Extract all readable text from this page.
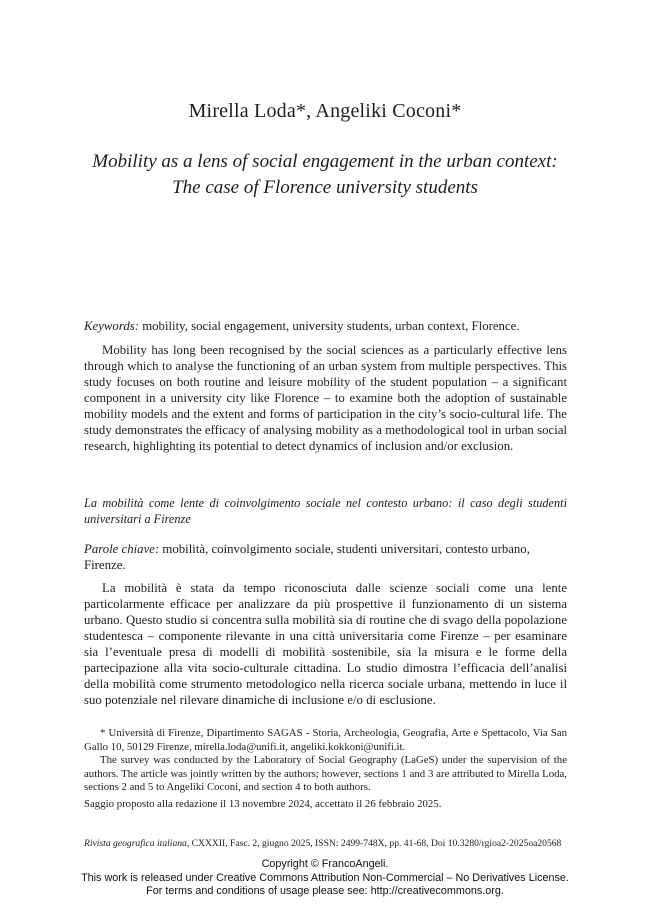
Mirella Loda*, Angeliki Coconi*
Mobility as a lens of social engagement in the urban context:
The case of Florence university students
Keywords: mobility, social engagement, university students, urban context, Florence.

Mobility has long been recognised by the social sciences as a particularly effective lens through which to analyse the functioning of an urban system from multiple perspectives. This study focuses on both routine and leisure mobility of the student population – a significant component in a university city like Florence – to examine both the adoption of sustainable mobility models and the extent and forms of participation in the city’s socio-cultural life. The study demonstrates the efficacy of analysing mobility as a methodological tool in urban social research, highlighting its potential to detect dynamics of inclusion and/or exclusion.

La mobilità come lente di coinvolgimento sociale nel contesto urbano: il caso degli studenti universitari a Firenze
Parole chiave: mobilità, coinvolgimento sociale, studenti universitari, contesto urbano, Firenze.

La mobilità è stata da tempo riconosciuta dalle scienze sociali come una lente particolarmente efficace per analizzare da più prospettive il funzionamento di un sistema urbano. Questo studio si concentra sulla mobilità sia di routine che di svago della popolazione studentesca – componente rilevante in una città universitaria come Firenze – per esaminare sia l’eventuale presa di modelli di mobilità sostenibile, sia la misura e le forme della partecipazione alla vita socio-culturale cittadina. Lo studio dimostra l’efficacia dell’analisi della mobilità come strumento metodologico nella ricerca sociale urbana, mettendo in luce il suo potenziale nel rilevare dinamiche di inclusione e/o di esclusione.

* Università di Firenze, Dipartimento SAGAS - Storia, Archeologia, Geografia, Arte e Spettacolo, Via San Gallo 10, 50129 Firenze, mirella.loda@unifi.it, angeliki.kokkoni@unifi.it.

The survey was conducted by the Laboratory of Social Geography (LaGeS) under the supervision of the authors. The article was jointly written by the authors; however, sections 1 and 3 are attributed to Mirella Loda, sections 2 and 5 to Angeliki Coconi, and section 4 to both authors.

Saggio proposto alla redazione il 13 novembre 2024, accettato il 26 febbraio 2025.

Rivista geografica italiana, CXXXII, Fasc. 2, giugno 2025, ISSN: 2499-748X, pp. 41-68, Doi 10.3280/rgioa2-2025oa20568
Copyright © FrancoAngeli.
This work is released under Creative Commons Attribution Non-Commercial – No Derivatives License.
For terms and conditions of usage please see: http://creativecommons.org.
